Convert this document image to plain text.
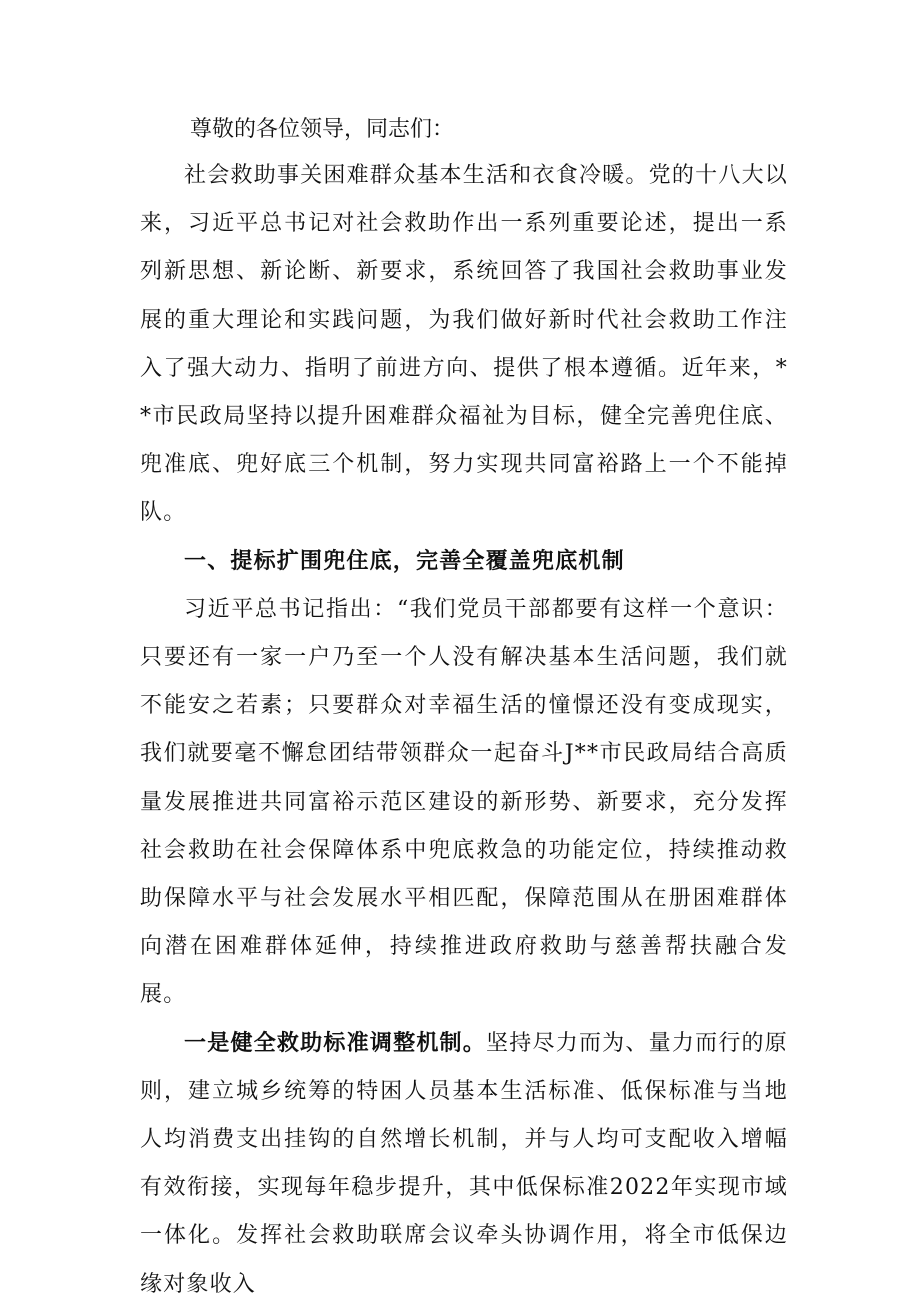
尊敬的各位领导，同志们：

社会救助事关困难群众基本生活和衣食冷暖。党的十八大以来，习近平总书记对社会救助作出一系列重要论述，提出一系列新思想、新论断、新要求，系统回答了我国社会救助事业发展的重大理论和实践问题，为我们做好新时代社会救助工作注入了强大动力、指明了前进方向、提供了根本遵循。近年来，**市民政局坚持以提升困难群众福祉为目标，健全完善兜住底、兜准底、兜好底三个机制，努力实现共同富裕路上一个不能掉队。

一、提标扩围兜住底，完善全覆盖兜底机制

习近平总书记指出：“我们党员干部都要有这样一个意识：只要还有一家一户乃至一个人没有解决基本生活问题，我们就不能安之若素；只要群众对幸福生活的憧憬还没有变成现实，我们就要毫不懈怠团结带领群众一起奋斗J**市民政局结合高质量发展推进共同富裕示范区建设的新形势、新要求，充分发挥社会救助在社会保障体系中兜底救急的功能定位，持续推动救助保障水平与社会发展水平相匹配，保障范围从在册困难群体向潜在困难群体延伸，持续推进政府救助与慈善帮扶融合发展。

一是健全救助标准调整机制。坚持尽力而为、量力而行的原则，建立城乡统筹的特困人员基本生活标准、低保标准与当地人均消费支出挂钩的自然增长机制，并与人均可支配收入增幅有效衔接，实现每年稳步提升，其中低保标准2022年实现市域一体化。发挥社会救助联席会议牵头协调作用，将全市低保边缘对象收入
